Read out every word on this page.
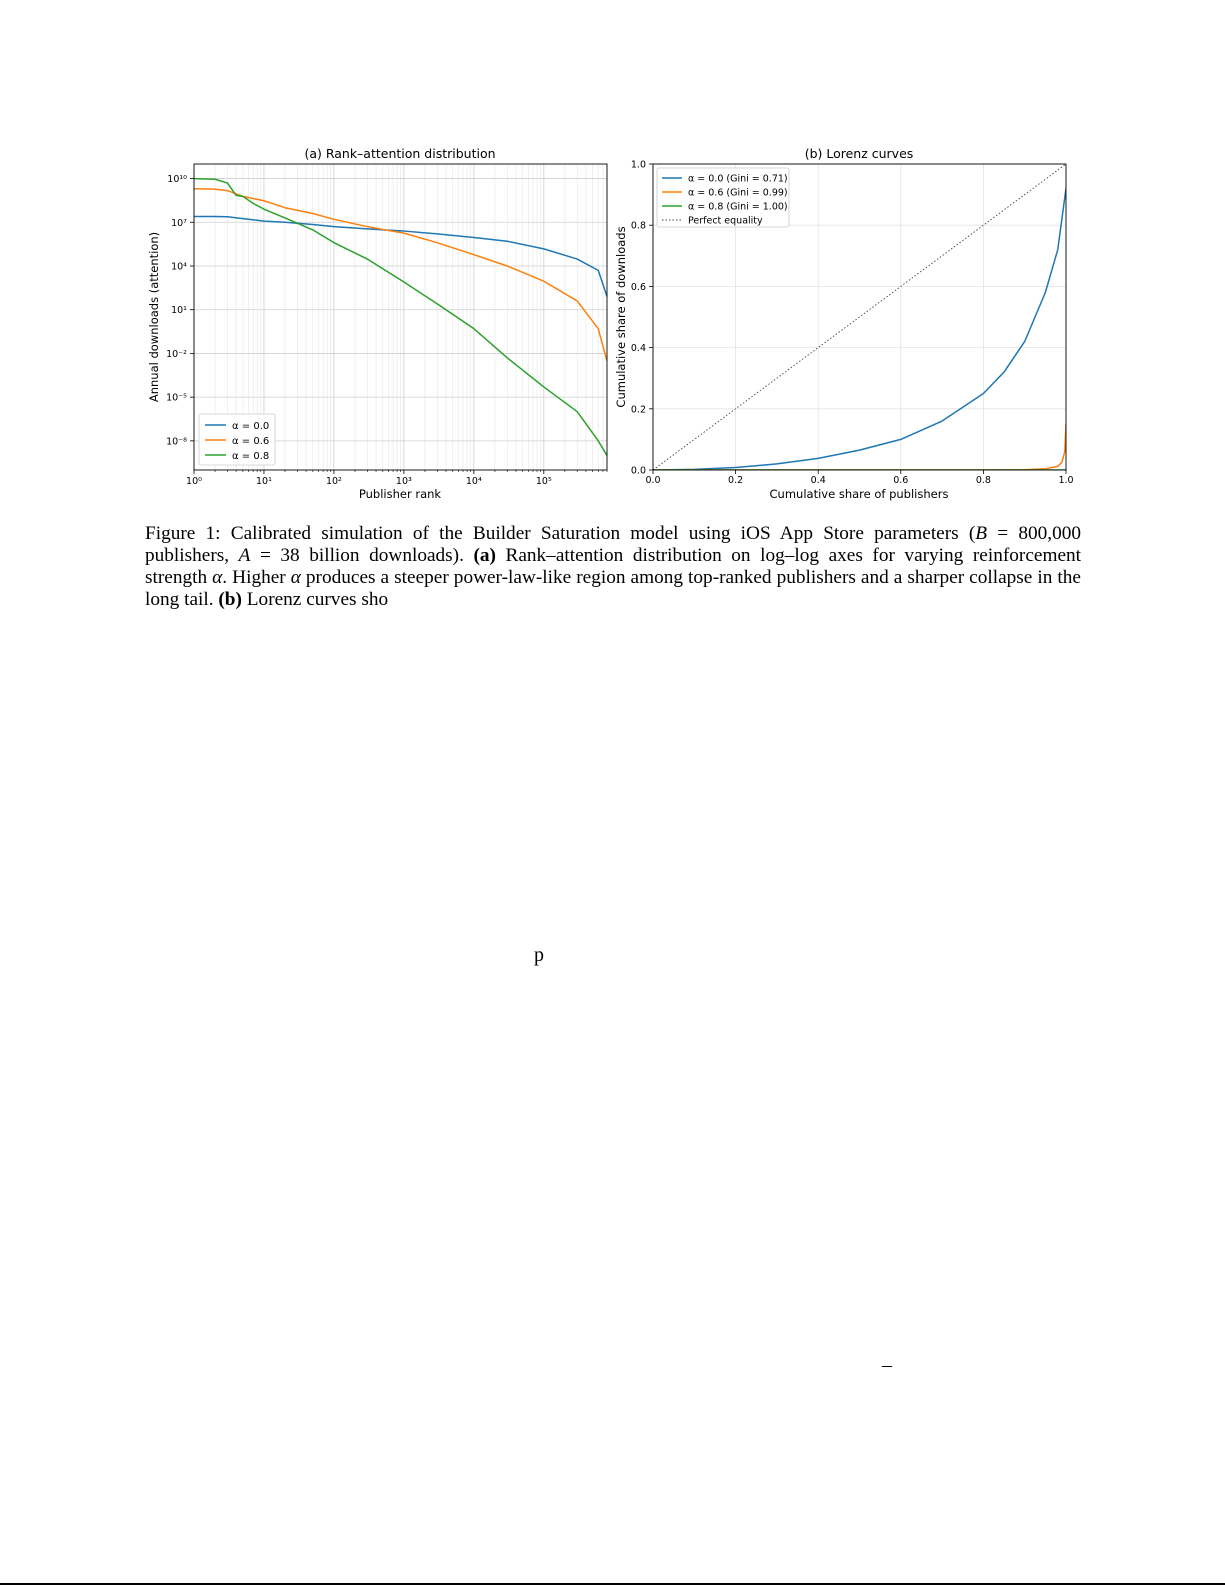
10⁰	10¹	10²	10³	10⁴	10⁵
10⁻⁸
10⁻⁵
10⁻²
10¹
10⁴
10⁷
10¹⁰
(a) Rank–attention distribution
Publisher rank
Annual downloads (attention)
α = 0.0
α = 0.6
α = 0.8
0.0	0.2	0.4	0.6	0.8	1.0
0.0
0.2
0.4
0.6
0.8
1.0
(b) Lorenz curves
Cumulative share of publishers
Cumulative share of downloads
α = 0.0 (Gini = 0.71)
α = 0.6 (Gini = 0.99)
α = 0.8 (Gini = 1.00)
Perfect equality
Figure 1: Calibrated simulation of the Builder Saturation model using iOS App Store parameters (B = 800,000 publishers, A = 38 billion downloads). (a) Rank–attention distribution on log–log axes for varying reinforcement strength α. Higher α produces a steeper power-law-like region among top-ranked publishers and a sharper collapse in the long tail. (b) Lorenz curves sho
p
–
